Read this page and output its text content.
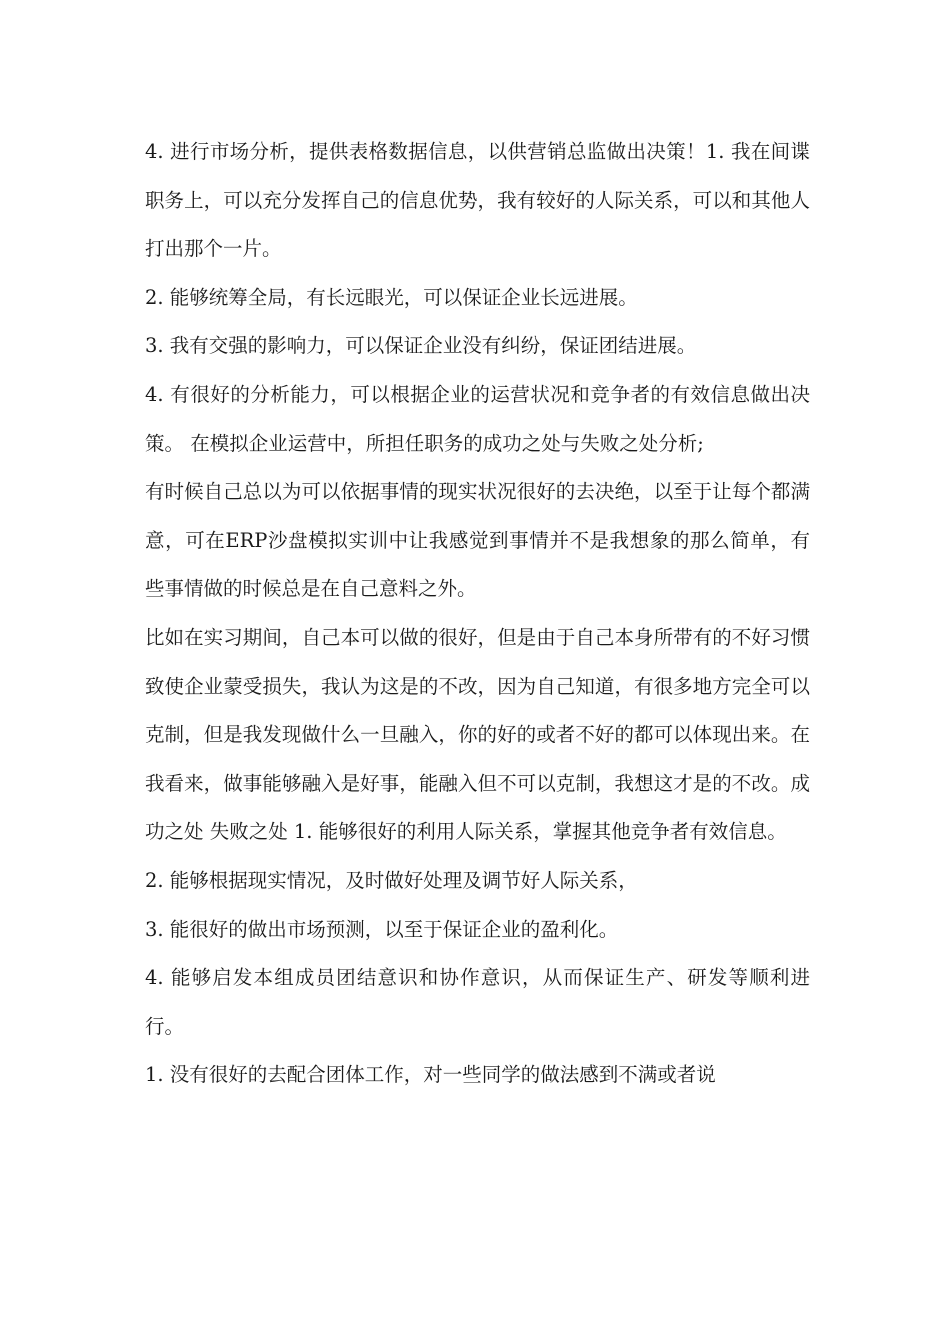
4. 进行市场分析，提供表格数据信息，以供营销总监做出决策！1. 我在间谍职务上，可以充分发挥自己的信息优势，我有较好的人际关系，可以和其他人打出那个一片。

2. 能够统筹全局，有长远眼光，可以保证企业长远进展。

3. 我有交强的影响力，可以保证企业没有纠纷，保证团结进展。

4. 有很好的分析能力，可以根据企业的运营状况和竞争者的有效信息做出决策。 在模拟企业运营中，所担任职务的成功之处与失败之处分析;

有时候自己总以为可以依据事情的现实状况很好的去决绝，以至于让每个都满意，可在ERP沙盘模拟实训中让我感觉到事情并不是我想象的那么简单，有些事情做的时候总是在自己意料之外。

比如在实习期间，自己本可以做的很好，但是由于自己本身所带有的不好习惯致使企业蒙受损失，我认为这是的不改，因为自己知道，有很多地方完全可以克制，但是我发现做什么一旦融入，你的好的或者不好的都可以体现出来。在我看来，做事能够融入是好事，能融入但不可以克制，我想这才是的不改。成功之处 失败之处 1. 能够很好的利用人际关系，掌握其他竞争者有效信息。

2. 能够根据现实情况，及时做好处理及调节好人际关系，

3. 能很好的做出市场预测，以至于保证企业的盈利化。

4. 能够启发本组成员团结意识和协作意识，从而保证生产、研发等顺利进行。

1. 没有很好的去配合团体工作，对一些同学的做法感到不满或者说
